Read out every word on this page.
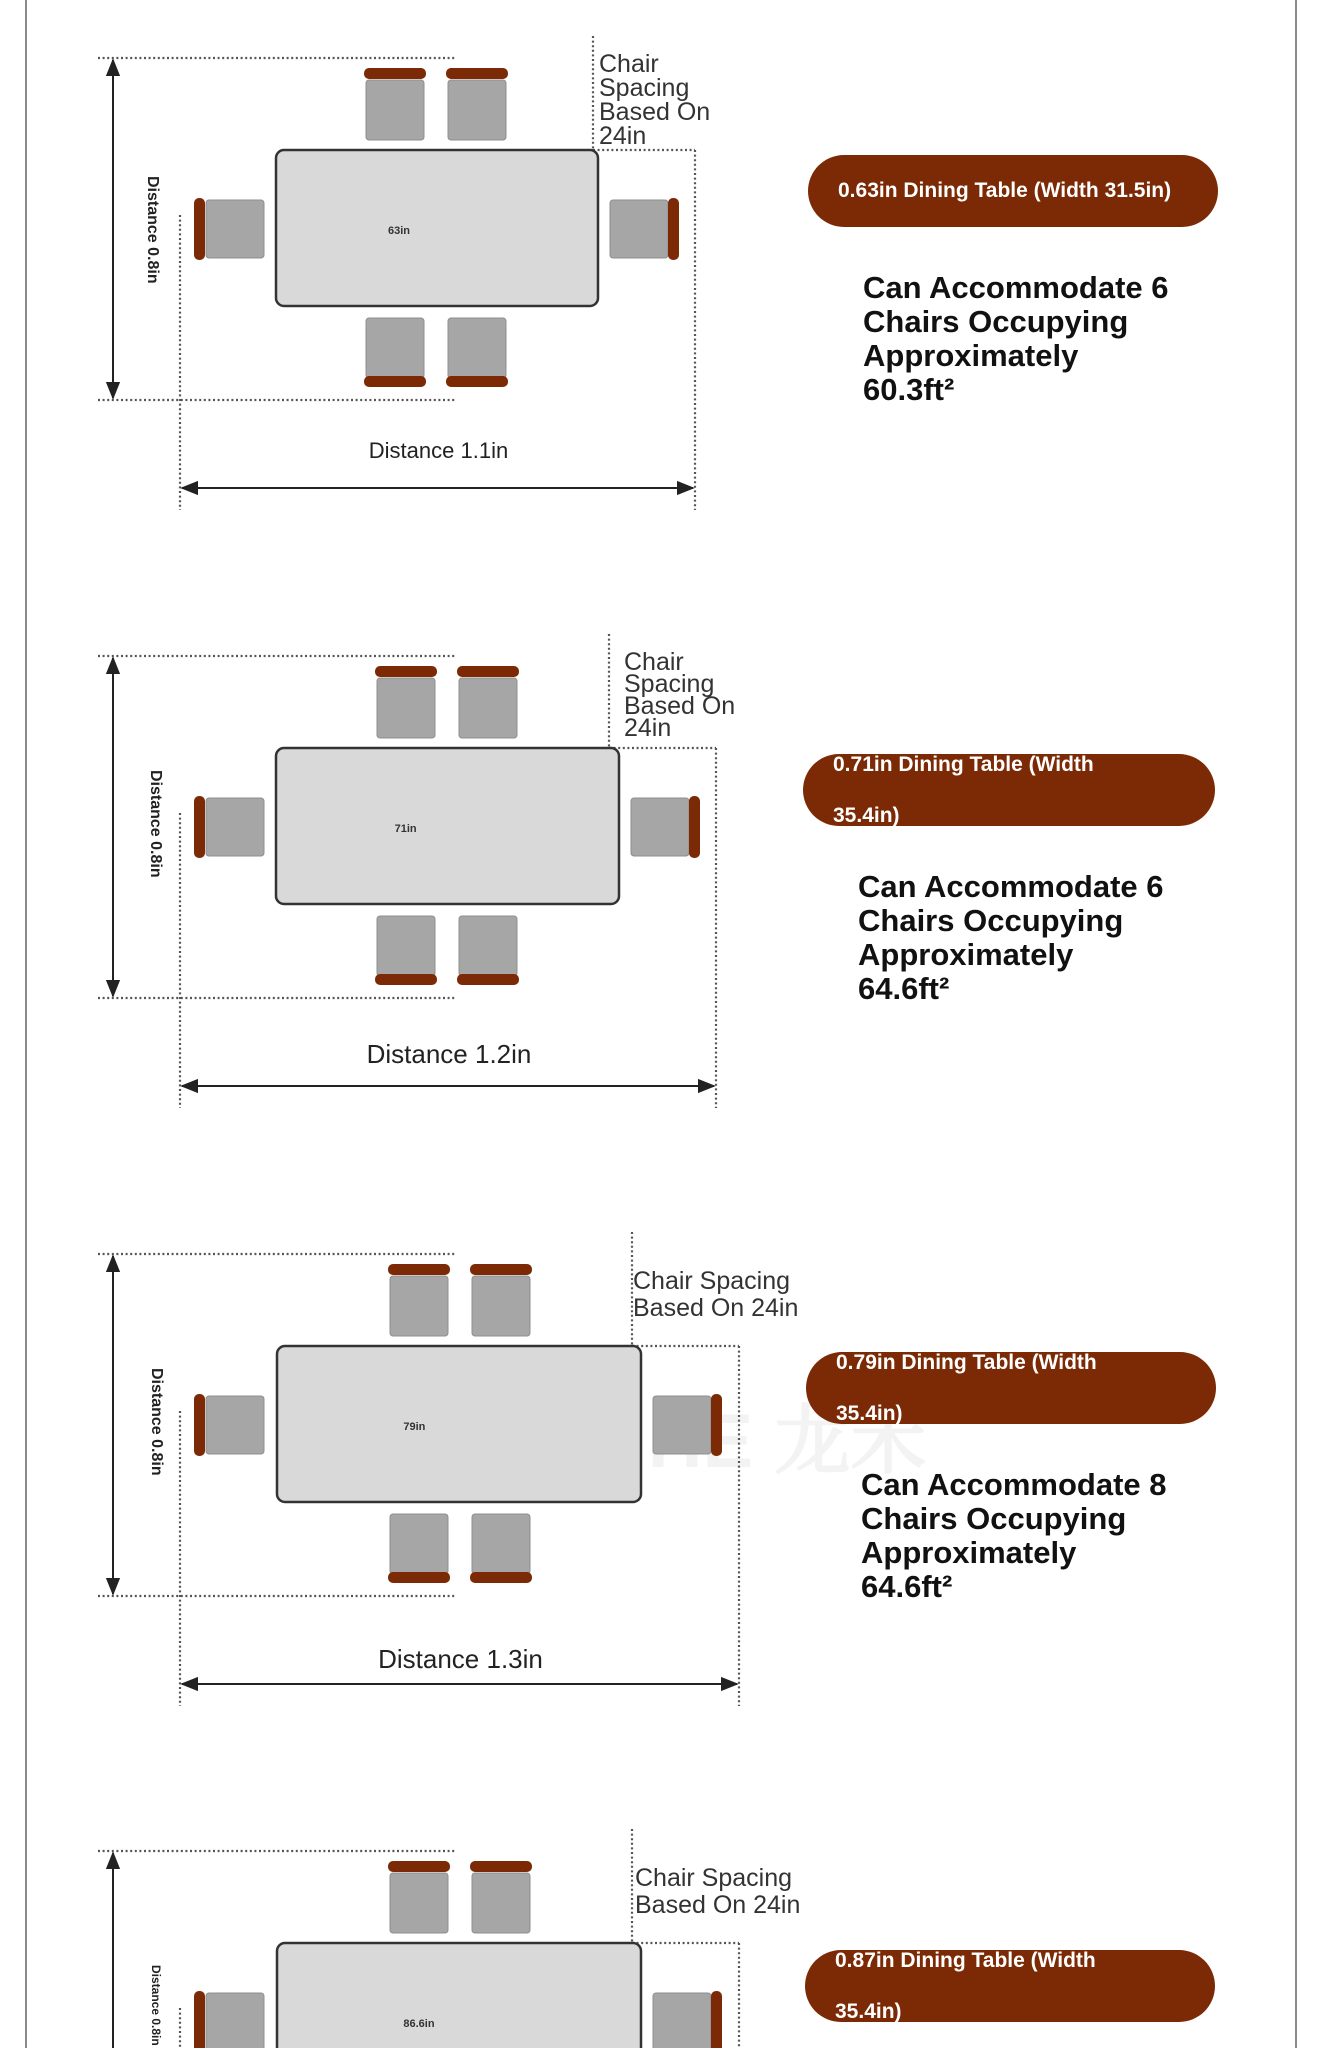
Distance 0.8in
Distance 1.1in
Chair
Spacing
Based On
24in
63in
Distance 0.8in
Distance 1.2in
Chair
Spacing
Based On
24in
71in
Distance 0.8in
Distance 1.3in
Chair Spacing
Based On 24in
79in
Distance 0.8in
Chair Spacing
Based On 24in
86.6in
0.63in Dining Table (Width 31.5in)
Can Accommodate 6
Chairs Occupying
Approximately
60.3ft²
0.71in Dining Table (Width

35.4in)
Can Accommodate 6
Chairs Occupying
Approximately
64.6ft²
0.79in Dining Table (Width

35.4in)
Can Accommodate 8
Chairs Occupying
Approximately
64.6ft²
0.87in Dining Table (Width

35.4in)
